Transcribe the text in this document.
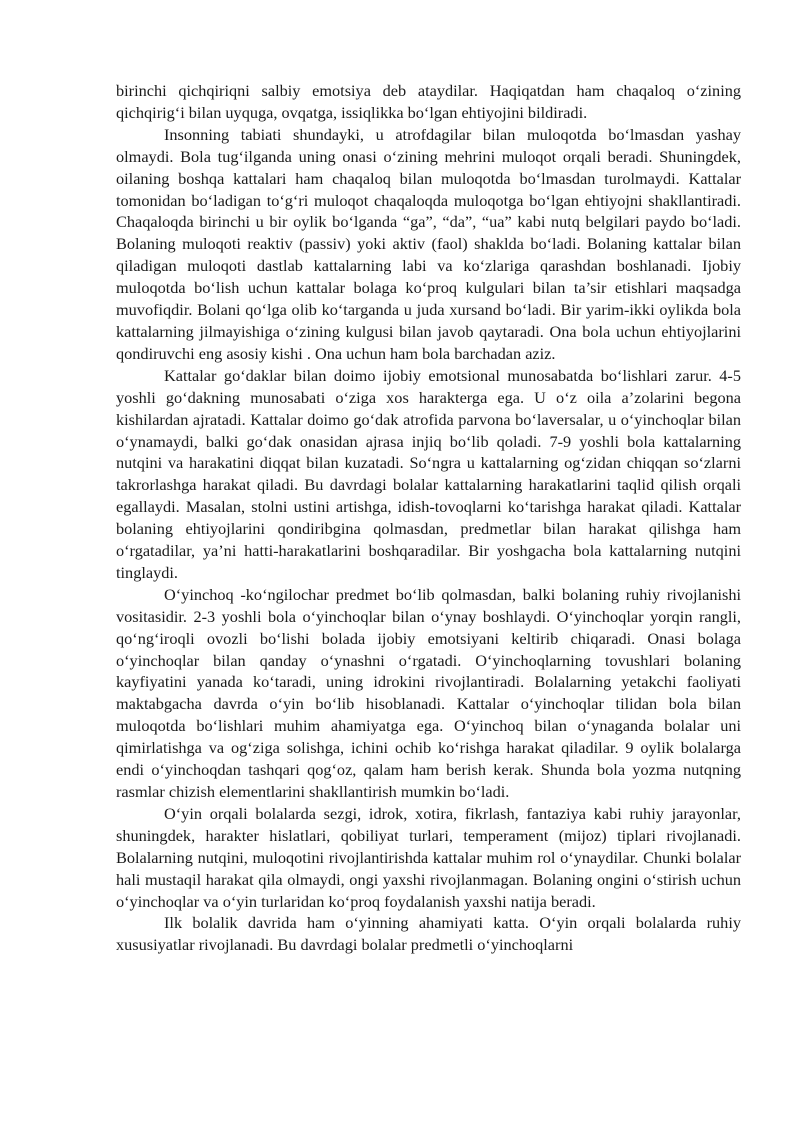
birinchi qichqiriqni salbiy emotsiya deb ataydilar. Haqiqatdan ham chaqaloq o‘zining qichqirig‘i bilan uyquga, ovqatga, issiqlikka bo‘lgan ehtiyojini bildiradi.

Insonning tabiati shundayki, u atrofdagilar bilan muloqotda bo‘lmasdan yashay olmaydi. Bola tug‘ilganda uning onasi o‘zining mehrini muloqot orqali beradi. Shuningdek, oilaning boshqa kattalari ham chaqaloq bilan muloqotda bo‘lmasdan turolmaydi. Kattalar tomonidan bo‘ladigan to‘g‘ri muloqot chaqaloqda muloqotga bo‘lgan ehtiyojni shakllantiradi. Chaqaloqda birinchi u bir oylik bo‘lganda “ga”, “da”, “ua” kabi nutq belgilari paydo bo‘ladi. Bolaning muloqoti reaktiv (passiv) yoki aktiv (faol) shaklda bo‘ladi. Bolaning kattalar bilan qiladigan muloqoti dastlab kattalarning labi va ko‘zlariga qarashdan boshlanadi. Ijobiy muloqotda bo‘lish uchun kattalar bolaga ko‘proq kulgulari bilan ta’sir etishlari maqsadga muvofiqdir. Bolani qo‘lga olib ko‘targanda u juda xursand bo‘ladi. Bir yarim-ikki oylikda bola kattalarning jilmayishiga o‘zining kulgusi bilan javob qaytaradi. Ona bola uchun ehtiyojlarini qondiruvchi eng asosiy kishi . Ona uchun ham bola barchadan aziz.

Kattalar go‘daklar bilan doimo ijobiy emotsional munosabatda bo‘lishlari zarur. 4-5 yoshli go‘dakning munosabati o‘ziga xos harakterga ega. U o‘z oila a’zolarini begona kishilardan ajratadi. Kattalar doimo go‘dak atrofida parvona bo‘laversalar, u o‘yinchoqlar bilan o‘ynamaydi, balki go‘dak onasidan ajrasa injiq bo‘lib qoladi. 7-9 yoshli bola kattalarning nutqini va harakatini diqqat bilan kuzatadi. So‘ngra u kattalarning og‘zidan chiqqan so‘zlarni takrorlashga harakat qiladi. Bu davrdagi bolalar kattalarning harakatlarini taqlid qilish orqali egallaydi. Masalan, stolni ustini artishga, idish-tovoqlarni ko‘tarishga harakat qiladi. Kattalar bolaning ehtiyojlarini qondiribgina qolmasdan, predmetlar bilan harakat qilishga ham o‘rgatadilar, ya’ni hatti-harakatlarini boshqaradilar. Bir yoshgacha bola kattalarning nutqini tinglaydi.

O‘yinchoq -ko‘ngilochar predmet bo‘lib qolmasdan, balki bolaning ruhiy rivojlanishi vositasidir. 2-3 yoshli bola o‘yinchoqlar bilan o‘ynay boshlaydi. O‘yinchoqlar yorqin rangli, qo‘ng‘iroqli ovozli bo‘lishi bolada ijobiy emotsiyani keltirib chiqaradi. Onasi bolaga o‘yinchoqlar bilan qanday o‘ynashni o‘rgatadi. O‘yinchoqlarning tovushlari bolaning kayfiyatini yanada ko‘taradi, uning idrokini rivojlantiradi. Bolalarning yetakchi faoliyati maktabgacha davrda o‘yin bo‘lib hisoblanadi. Kattalar o‘yinchoqlar tilidan bola bilan muloqotda bo‘lishlari muhim ahamiyatga ega. O‘yinchoq bilan o‘ynaganda bolalar uni qimirlatishga va og‘ziga solishga, ichini ochib ko‘rishga harakat qiladilar. 9 oylik bolalarga endi o‘yinchoqdan tashqari qog‘oz, qalam ham berish kerak. Shunda bola yozma nutqning rasmlar chizish elementlarini shakllantirish mumkin bo‘ladi.

O‘yin orqali bolalarda sezgi, idrok, xotira, fikrlash, fantaziya kabi ruhiy jarayonlar, shuningdek, harakter hislatlari, qobiliyat turlari, temperament (mijoz) tiplari rivojlanadi. Bolalarning nutqini, muloqotini rivojlantirishda kattalar muhim rol o‘ynaydilar. Chunki bolalar hali mustaqil harakat qila olmaydi, ongi yaxshi rivojlanmagan. Bolaning ongini o‘stirish uchun o‘yinchoqlar va o‘yin turlaridan ko‘proq foydalanish yaxshi natija beradi.

Ilk bolalik davrida ham o‘yinning ahamiyati katta. O‘yin orqali bolalarda ruhiy xususiyatlar rivojlanadi. Bu davrdagi bolalar predmetli o‘yinchoqlarni
